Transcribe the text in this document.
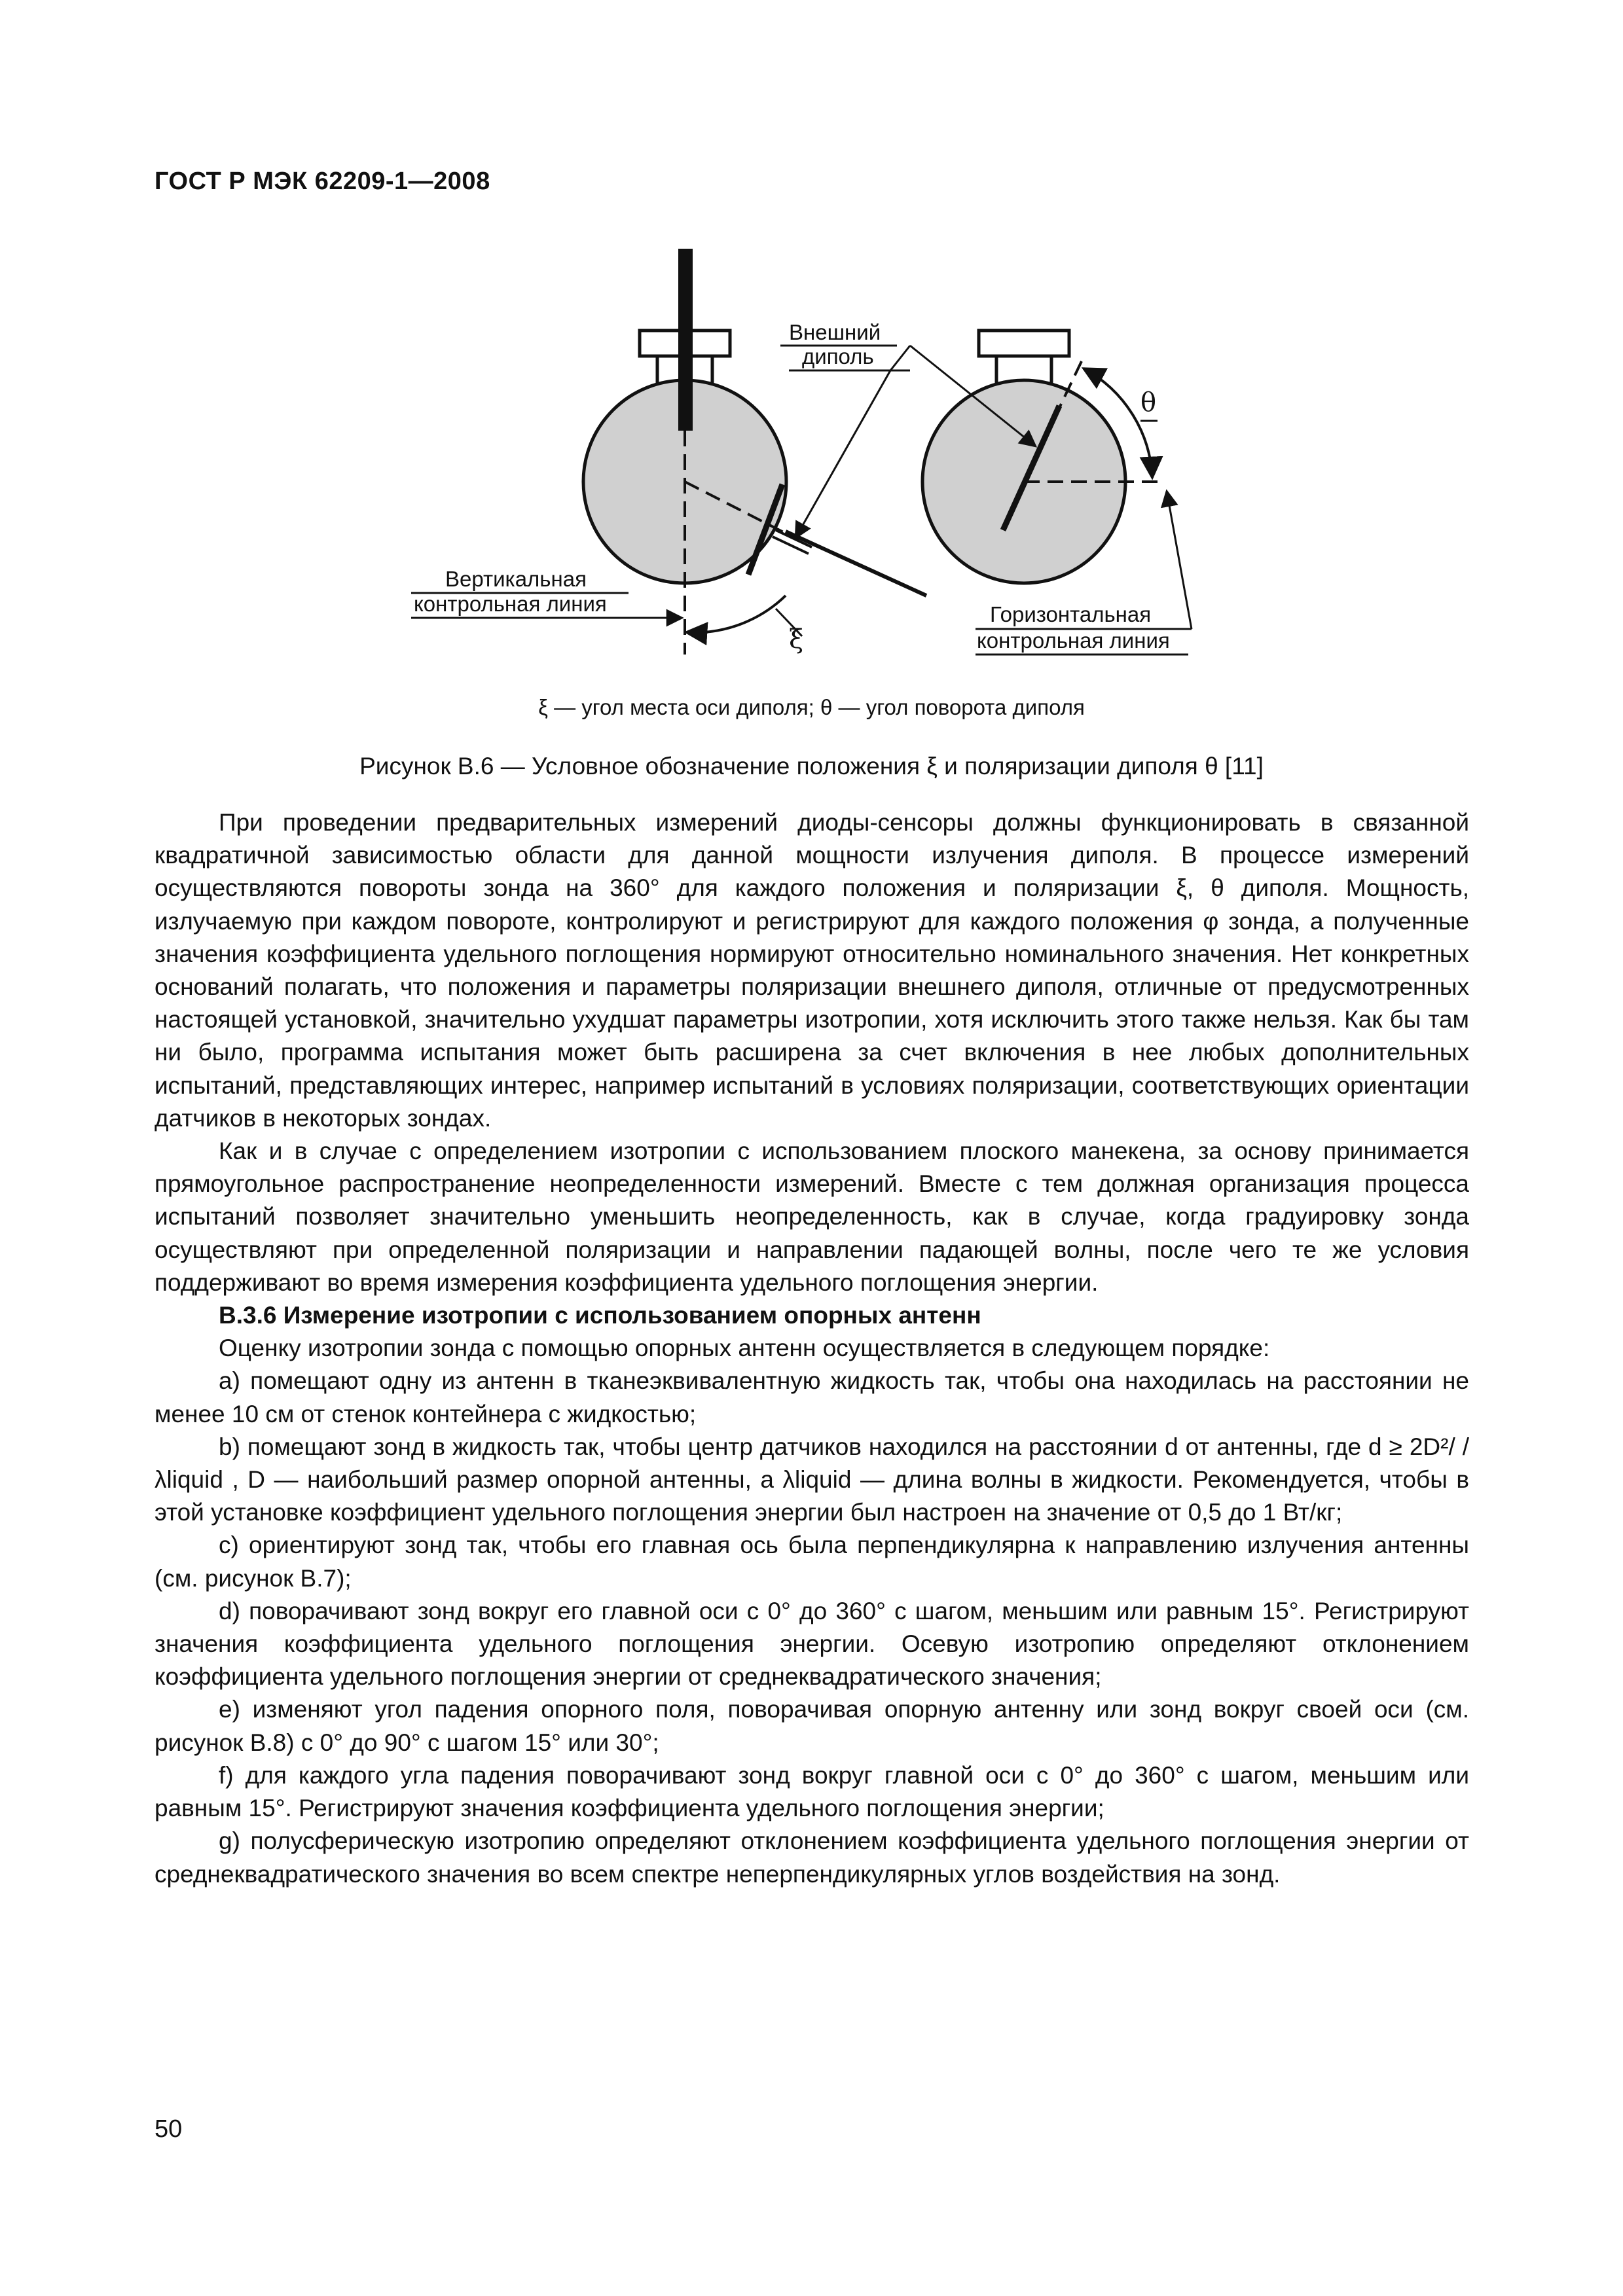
ГОСТ Р МЭК 62209-1—2008
Внешний
диполь
Вертикальная
контрольная линия	Горизонтальная
контрольная линия
ξ
θ
ξ — угол места оси диполя; θ — угол поворота диполя
Рисунок B.6 — Условное обозначение положения ξ и поляризации диполя θ [11]

При проведении предварительных измерений диоды-сенсоры должны функционировать в связанной квадратичной зависимостью области для данной мощности излучения диполя. В процессе измерений осуществляются повороты зонда на 360° для каждого положения и поляризации ξ, θ диполя. Мощность, излучаемую при каждом повороте, контролируют и регистрируют для каждого положения φ зонда, а полученные значения коэффициента удельного поглощения нормируют относительно номинального значения. Нет конкретных оснований полагать, что положения и параметры поляризации внешнего диполя, отличные от предусмотренных настоящей установкой, значительно ухудшат параметры изотропии, хотя исключить этого также нельзя. Как бы там ни было, программа испытания может быть расширена за счет включения в нее любых дополнительных испытаний, представляющих интерес, например испытаний в условиях поляризации, соответствующих ориентации датчиков в некоторых зондах.

Как и в случае с определением изотропии с использованием плоского манекена, за основу принимается прямоугольное распространение неопределенности измерений. Вместе с тем должная организация процесса испытаний позволяет значительно уменьшить неопределенность, как в случае, когда градуировку зонда осуществляют при определенной поляризации и направлении падающей волны, после чего те же условия поддерживают во время измерения коэффициента удельного поглощения энергии.

B.3.6 Измерение изотропии с использованием опорных антенн

Оценку изотропии зонда с помощью опорных антенн осуществляется в следующем порядке:

а) помещают одну из антенн в тканеэквивалентную жидкость так, чтобы она находилась на расстоянии не менее 10 см от стенок контейнера с жидкостью;

b) помещают зонд в жидкость так, чтобы центр датчиков находился на расстоянии d от антенны, где d ≥ 2D²/ / λliquid , D — наибольший размер опорной антенны, а λliquid — длина волны в жидкости. Рекомендуется, чтобы в этой установке коэффициент удельного поглощения энергии был настроен на значение от 0,5 до 1 Вт/кг;

с) ориентируют зонд так, чтобы его главная ось была перпендикулярна к направлению излучения антенны (см. рисунок В.7);

d) поворачивают зонд вокруг его главной оси с 0° до 360° с шагом, меньшим или равным 15°. Регистрируют значения коэффициента удельного поглощения энергии. Осевую изотропию определяют отклонением коэффициента удельного поглощения энергии от среднеквадратического значения;

е) изменяют угол падения опорного поля, поворачивая опорную антенну или зонд вокруг своей оси (см. рисунок В.8) с 0° до 90° с шагом 15° или 30°;

f) для каждого угла падения поворачивают зонд вокруг главной оси с 0° до 360° с шагом, меньшим или равным 15°. Регистрируют значения коэффициента удельного поглощения энергии;

g) полусферическую изотропию определяют отклонением коэффициента удельного поглощения энергии от среднеквадратического значения во всем спектре неперпендикулярных углов воздействия на зонд.

50
